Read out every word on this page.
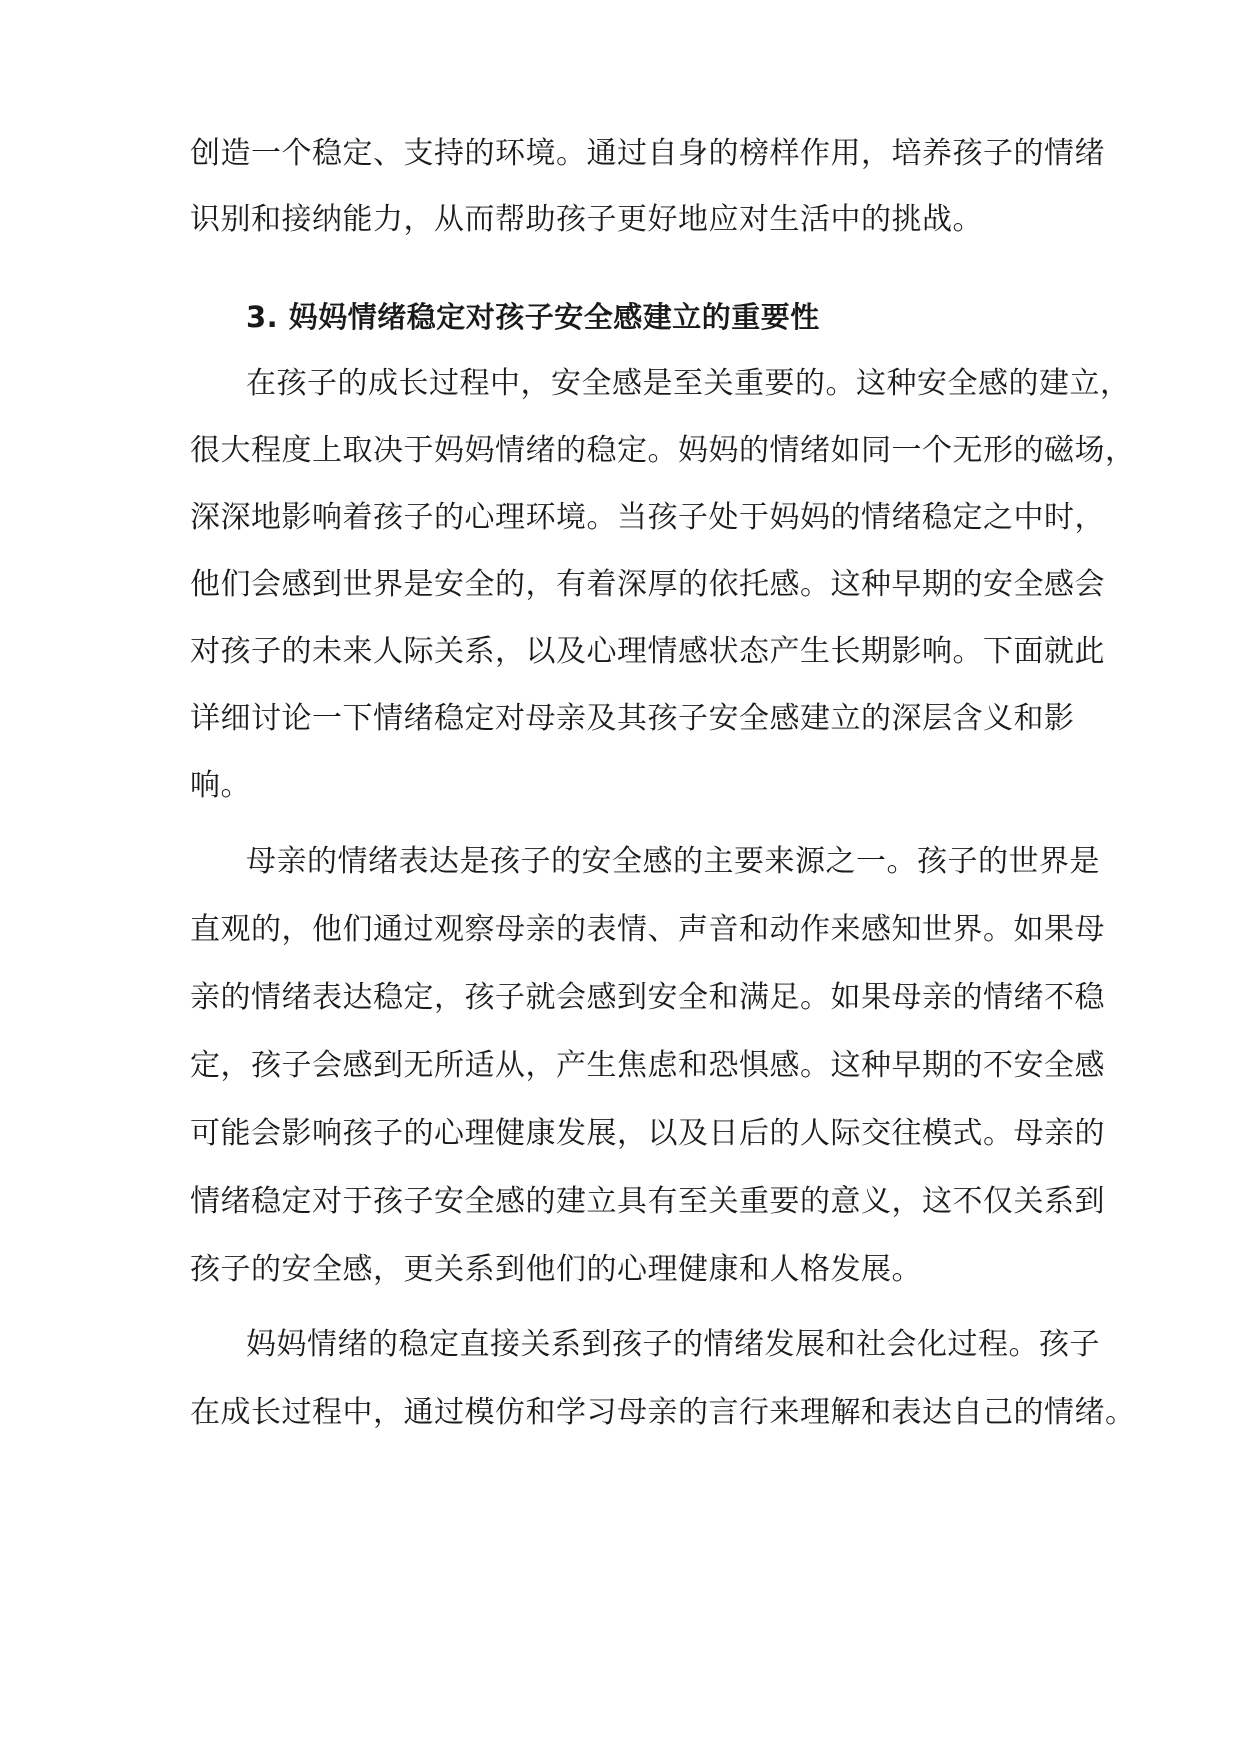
创造一个稳定、支持的环境。通过自身的榜样作用，培养孩子的情绪
识别和接纳能力，从而帮助孩子更好地应对生活中的挑战。
3. 妈妈情绪稳定对孩子安全感建立的重要性
在孩子的成长过程中，安全感是至关重要的。这种安全感的建立，
很大程度上取决于妈妈情绪的稳定。妈妈的情绪如同一个无形的磁场，
深深地影响着孩子的心理环境。当孩子处于妈妈的情绪稳定之中时，
他们会感到世界是安全的，有着深厚的依托感。这种早期的安全感会
对孩子的未来人际关系，以及心理情感状态产生长期影响。下面就此
详细讨论一下情绪稳定对母亲及其孩子安全感建立的深层含义和影
响。
母亲的情绪表达是孩子的安全感的主要来源之一。孩子的世界是
直观的，他们通过观察母亲的表情、声音和动作来感知世界。如果母
亲的情绪表达稳定，孩子就会感到安全和满足。如果母亲的情绪不稳
定，孩子会感到无所适从，产生焦虑和恐惧感。这种早期的不安全感
可能会影响孩子的心理健康发展，以及日后的人际交往模式。母亲的
情绪稳定对于孩子安全感的建立具有至关重要的意义，这不仅关系到
孩子的安全感，更关系到他们的心理健康和人格发展。
妈妈情绪的稳定直接关系到孩子的情绪发展和社会化过程。孩子
在成长过程中，通过模仿和学习母亲的言行来理解和表达自己的情绪。
